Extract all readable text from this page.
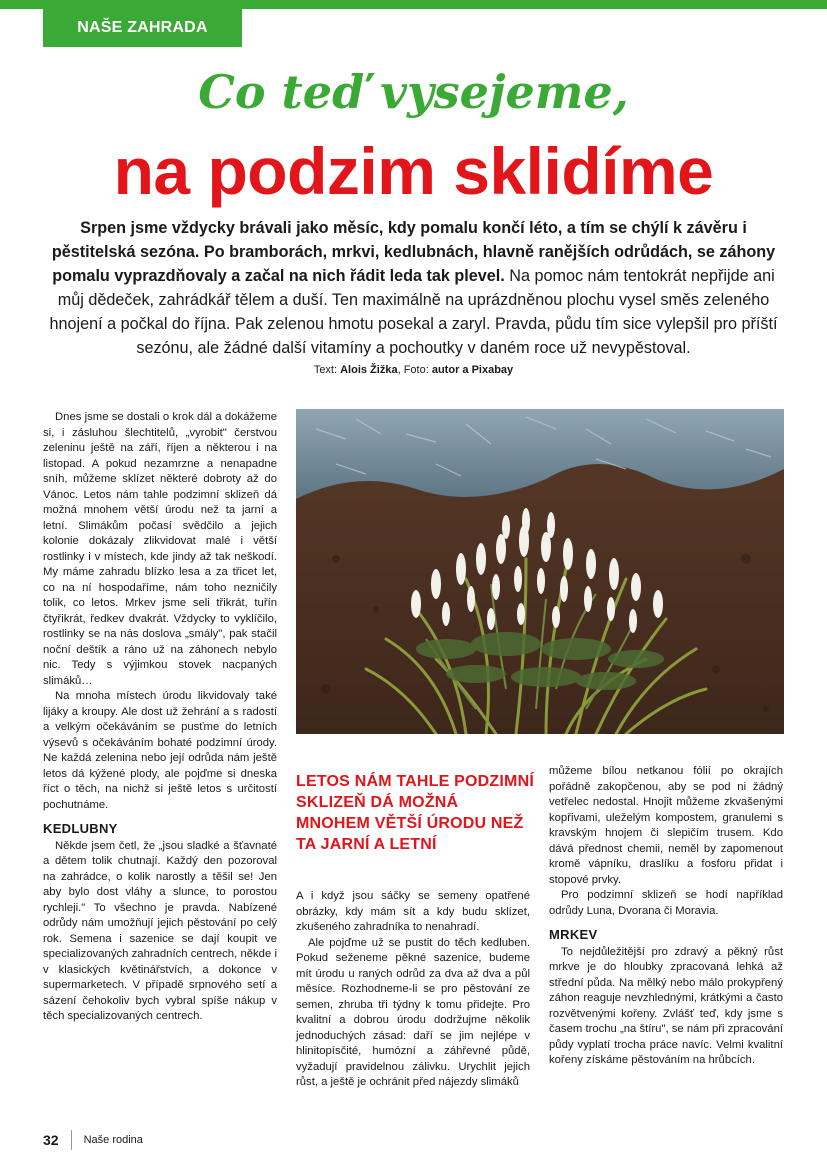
NAŠE ZAHRADA
Co teď vysejeme,
na podzim sklidíme
Srpen jsme vždycky brávali jako měsíc, kdy pomalu končí léto, a tím se chýlí k závěru i pěstitelská sezóna. Po bramborách, mrkvi, kedlubnách, hlavně ranějších odrůdách, se záhony pomalu vyprazdňovaly a začal na nich řádit leda tak plevel. Na pomoc nám tentokrát nepřijde ani můj dědeček, zahrádkář tělem a duší. Ten maximálně na uprázdněnou plochu vysel směs zeleného hnojení a počkal do října. Pak zelenou hmotu posekal a zaryl. Pravda, půdu tím sice vylepšil pro příští sezónu, ale žádné další vitamíny a pochoutky v daném roce už nevypěstoval.
Text: Alois Žižka, Foto: autor a Pixabay

Dnes jsme se dostali o krok dál a dokážeme si, i zásluhou šlechtitelů, „vyrobit" čerstvou zeleninu ještě na září, říjen a některou i na listopad. A pokud nezamrzne a nenapadne sníh, můžeme sklízet některé dobroty až do Vánoc. Letos nám tahle podzimní sklizeň dá možná mnohem větší úrodu než ta jarní a letní. Slimákům počasí svědčilo a jejich kolonie dokázaly zlikvidovat malé i větší rostlinky i v místech, kde jindy až tak neškodí. My máme zahradu blízko lesa a za třicet let, co na ní hospodaříme, nám toho nezničily tolik, co letos. Mrkev jsme seli třikrát, tuřín čtyřikrát, ředkev dvakrát. Vždycky to vyklíčilo, rostlinky se na nás doslova „smály", pak stačil noční deštík a ráno už na záhonech nebylo nic. Tedy s výjimkou stovek nacpaných slimáků…

Na mnoha místech úrodu likvidovaly také lijáky a kroupy. Ale dost už žehrání a s radostí a velkým očekáváním se pusťme do letních výsevů s očekáváním bohaté podzimní úrody. Ne každá zelenina nebo její odrůda nám ještě letos dá kýžené plody, ale pojďme si dneska říct o těch, na nichž si ještě letos s určitostí pochutnáme.

KEDLUBNY

Někde jsem četl, že „jsou sladké a šťavnaté a dětem tolik chutnají. Každý den pozoroval na zahrádce, o kolik narostly a těšil se! Jen aby bylo dost vláhy a slunce, to porostou rychleji." To všechno je pravda. Nabízené odrůdy nám umožňují jejich pěstování po celý rok. Semena i sazenice se dají koupit ve specializovaných zahradních centrech, někde i v klasických květinářstvích, a dokonce v supermarketech. V případě srpnového setí a sázení čehokoliv bych vybral spíše nákup v těch specializovaných centrech.

LETOS NÁM TAHLE PODZIMNÍ SKLIZEŇ DÁ MOŽNÁ MNOHEM VĚTŠÍ ÚRODU NEŽ TA JARNÍ A LETNÍ

A i když jsou sáčky se semeny opatřené obrázky, kdy mám sít a kdy budu sklízet, zkušeného zahradníka to nenahradí.

Ale pojďme už se pustit do těch kedluben. Pokud seženeme pěkné sazenice, budeme mít úrodu u raných odrůd za dva až dva a půl měsíce. Rozhodneme-li se pro pěstování ze semen, zhruba tři týdny k tomu přidejte. Pro kvalitní a dobrou úrodu dodržujme několik jednoduchých zásad: daří se jim nejlépe v hlinitopísčité, humózní a záhřevné půdě, vyžadují pravidelnou zálivku. Urychlit jejich růst, a ještě je ochránit před nájezdy slimáků

můžeme bílou netkanou fólií po okrajích pořádně zakopčenou, aby se pod ni žádný vetřelec nedostal. Hnojit můžeme zkvašenými kopřivami, uleželým kompostem, granulemi s kravským hnojem či slepičím trusem. Kdo dává přednost chemii, neměl by zapomenout kromě vápníku, draslíku a fosforu přidat i stopové prvky.

Pro podzimní sklizeň se hodí například odrůdy Luna, Dvorana či Moravia.

MRKEV

To nejdůležitější pro zdravý a pěkný růst mrkve je do hloubky zpracovaná lehká až střední půda. Na mělký nebo málo prokypřený záhon reaguje nevzhlednými, krátkými a často rozvětvenými kořeny. Zvlášť teď, kdy jsme s časem trochu „na štíru", se nám při zpracování půdy vyplatí trocha práce navíc. Velmi kvalitní kořeny získáme pěstováním na hrůbcích.

32 Naše rodina
